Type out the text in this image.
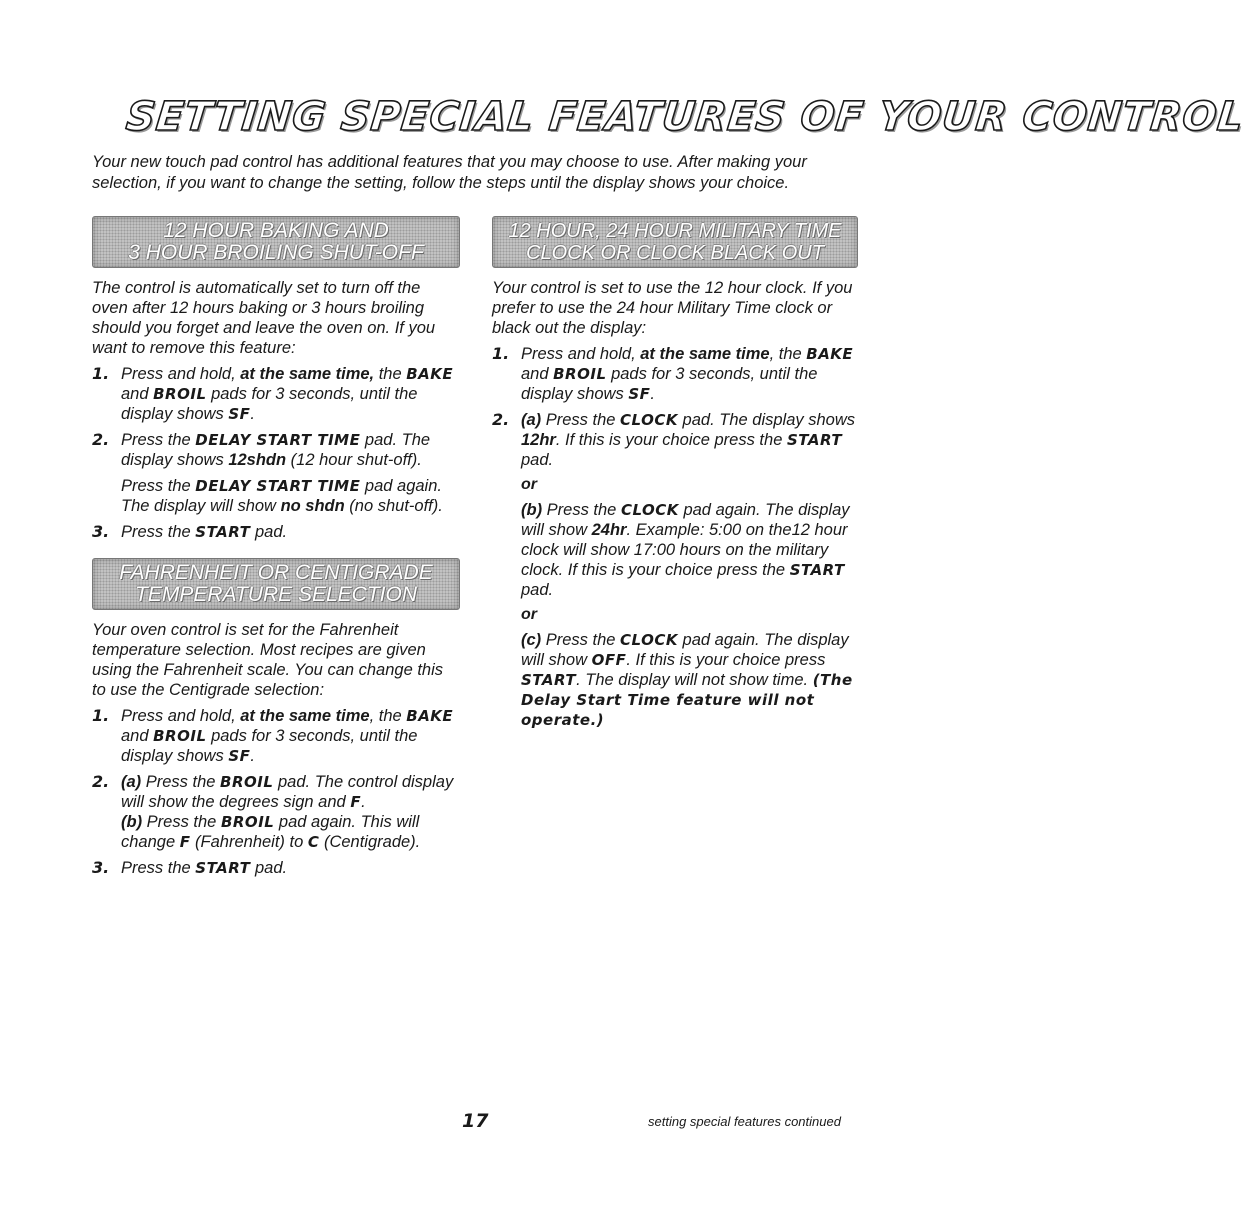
SETTING SPECIAL FEATURES OF YOUR CONTROL

Your new touch pad control has additional features that you may choose to use. After making your selection, if you want to change the setting, follow the steps until the display shows your choice.

12 HOUR BAKING AND
3 HOUR BROILING SHUT-OFF

The control is automatically set to turn off the oven after 12 hours baking or 3 hours broiling should you forget and leave the oven on. If you want to remove this feature:

1. Press and hold, at the same time, the BAKE and BROIL pads for 3 seconds, until the display shows SF.
2. Press the DELAY START TIME pad. The display shows 12shdn (12 hour shut-off).
Press the DELAY START TIME pad again. The display will show no shdn (no shut-off).
3. Press the START pad.
FAHRENHEIT OR CENTIGRADE
TEMPERATURE SELECTION

Your oven control is set for the Fahrenheit temperature selection. Most recipes are given using the Fahrenheit scale. You can change this to use the Centigrade selection:

1. Press and hold, at the same time, the BAKE and BROIL pads for 3 seconds, until the display shows SF.
2. (a) Press the BROIL pad. The control display will show the degrees sign and F.
(b) Press the BROIL pad again. This will change F (Fahrenheit) to C (Centigrade).
3. Press the START pad.
12 HOUR, 24 HOUR MILITARY TIME
CLOCK OR CLOCK BLACK OUT

Your control is set to use the 12 hour clock. If you prefer to use the 24 hour Military Time clock or black out the display:

1. Press and hold, at the same time, the BAKE and BROIL pads for 3 seconds, until the display shows SF.
2. (a) Press the CLOCK pad. The display shows 12hr. If this is your choice press the START pad.
or
(b) Press the CLOCK pad again. The display will show 24hr. Example: 5:00 on the12 hour clock will show 17:00 hours on the military clock. If this is your choice press the START pad.
or
(c) Press the CLOCK pad again. The display will show OFF. If this is your choice press START. The display will not show time. (The Delay Start Time feature will not operate.)
17	setting special features continued
